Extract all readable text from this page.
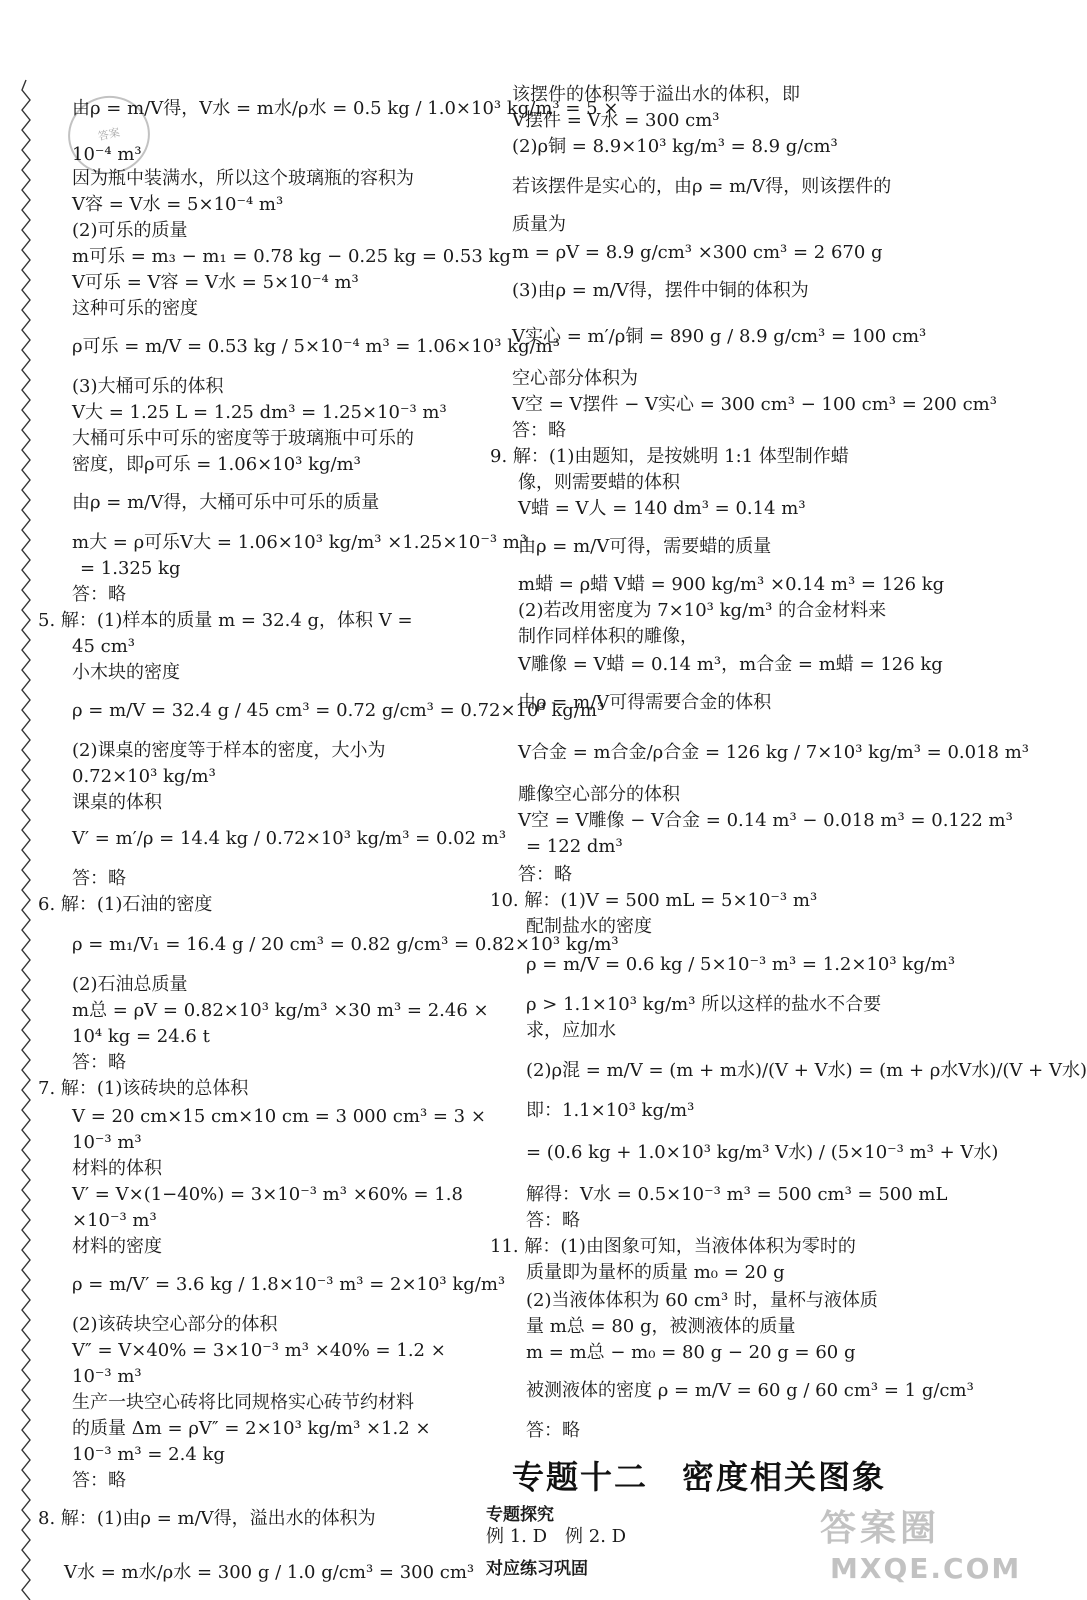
答案
由ρ = m/V得，V水 = m水/ρ水 = 0.5 kg / 1.0×10³ kg/m³ = 5 ×
10⁻⁴ m³
因为瓶中装满水，所以这个玻璃瓶的容积为
V容 = V水 = 5×10⁻⁴ m³
(2)可乐的质量
m可乐 = m₃ − m₁ = 0.78 kg − 0.25 kg = 0.53 kg
V可乐 = V容 = V水 = 5×10⁻⁴ m³
这种可乐的密度
ρ可乐 = m/V = 0.53 kg / 5×10⁻⁴ m³ = 1.06×10³ kg/m³
(3)大桶可乐的体积
V大 = 1.25 L = 1.25 dm³ = 1.25×10⁻³ m³
大桶可乐中可乐的密度等于玻璃瓶中可乐的
密度，即ρ可乐 = 1.06×10³ kg/m³
由ρ = m/V得，大桶可乐中可乐的质量
m大 = ρ可乐V大 = 1.06×10³ kg/m³ ×1.25×10⁻³ m³
= 1.325 kg
答：略
5. 解：(1)样本的质量 m = 32.4 g，体积 V =
45 cm³
小木块的密度
ρ = m/V = 32.4 g / 45 cm³ = 0.72 g/cm³ = 0.72×10³ kg/m³
(2)课桌的密度等于样本的密度，大小为
0.72×10³ kg/m³
课桌的体积
V′ = m′/ρ = 14.4 kg / 0.72×10³ kg/m³ = 0.02 m³
答：略
6. 解：(1)石油的密度
ρ = m₁/V₁ = 16.4 g / 20 cm³ = 0.82 g/cm³ = 0.82×10³ kg/m³
(2)石油总质量
m总 = ρV = 0.82×10³ kg/m³ ×30 m³ = 2.46 ×
10⁴ kg = 24.6 t
答：略
7. 解：(1)该砖块的总体积
V = 20 cm×15 cm×10 cm = 3 000 cm³ = 3 ×
10⁻³ m³
材料的体积
V′ = V×(1−40%) = 3×10⁻³ m³ ×60% = 1.8
×10⁻³ m³
材料的密度
ρ = m/V′ = 3.6 kg / 1.8×10⁻³ m³ = 2×10³ kg/m³
(2)该砖块空心部分的体积
V″ = V×40% = 3×10⁻³ m³ ×40% = 1.2 ×
10⁻³ m³
生产一块空心砖将比同规格实心砖节约材料
的质量 Δm = ρV″ = 2×10³ kg/m³ ×1.2 ×
10⁻³ m³ = 2.4 kg
答：略
8. 解：(1)由ρ = m/V得，溢出水的体积为
V水 = m水/ρ水 = 300 g / 1.0 g/cm³ = 300 cm³
该摆件的体积等于溢出水的体积，即
V摆件 = V水 = 300 cm³
(2)ρ铜 = 8.9×10³ kg/m³ = 8.9 g/cm³
若该摆件是实心的，由ρ = m/V得，则该摆件的
质量为
m = ρV = 8.9 g/cm³ ×300 cm³ = 2 670 g
(3)由ρ = m/V得，摆件中铜的体积为
V实心 = m′/ρ铜 = 890 g / 8.9 g/cm³ = 100 cm³
空心部分体积为
V空 = V摆件 − V实心 = 300 cm³ − 100 cm³ = 200 cm³
答：略
9. 解：(1)由题知，是按姚明 1:1 体型制作蜡
像，则需要蜡的体积
V蜡 = V人 = 140 dm³ = 0.14 m³
由ρ = m/V可得，需要蜡的质量
m蜡 = ρ蜡 V蜡 = 900 kg/m³ ×0.14 m³ = 126 kg
(2)若改用密度为 7×10³ kg/m³ 的合金材料来
制作同样体积的雕像，
V雕像 = V蜡 = 0.14 m³，m合金 = m蜡 = 126 kg
由ρ = m/V可得需要合金的体积
V合金 = m合金/ρ合金 = 126 kg / 7×10³ kg/m³ = 0.018 m³
雕像空心部分的体积
V空 = V雕像 − V合金 = 0.14 m³ − 0.018 m³ = 0.122 m³
= 122 dm³
答：略
10. 解：(1)V = 500 mL = 5×10⁻³ m³
配制盐水的密度
ρ = m/V = 0.6 kg / 5×10⁻³ m³ = 1.2×10³ kg/m³
ρ > 1.1×10³ kg/m³ 所以这样的盐水不合要
求，应加水
(2)ρ混 = m/V = (m + m水)/(V + V水) = (m + ρ水V水)/(V + V水)
即：1.1×10³ kg/m³
= (0.6 kg + 1.0×10³ kg/m³ V水) / (5×10⁻³ m³ + V水)
解得：V水 = 0.5×10⁻³ m³ = 500 cm³ = 500 mL
答：略
11. 解：(1)由图象可知，当液体体积为零时的
质量即为量杯的质量 m₀ = 20 g
(2)当液体体积为 60 cm³ 时，量杯与液体质
量 m总 = 80 g，被测液体的质量
m = m总 − m₀ = 80 g − 20 g = 60 g
被测液体的密度 ρ = m/V = 60 g / 60 cm³ = 1 g/cm³
答：略
专题十二　密度相关图象
专题探究
例 1. D　例 2. D
对应练习巩固
答案圈
MXQE.COM
